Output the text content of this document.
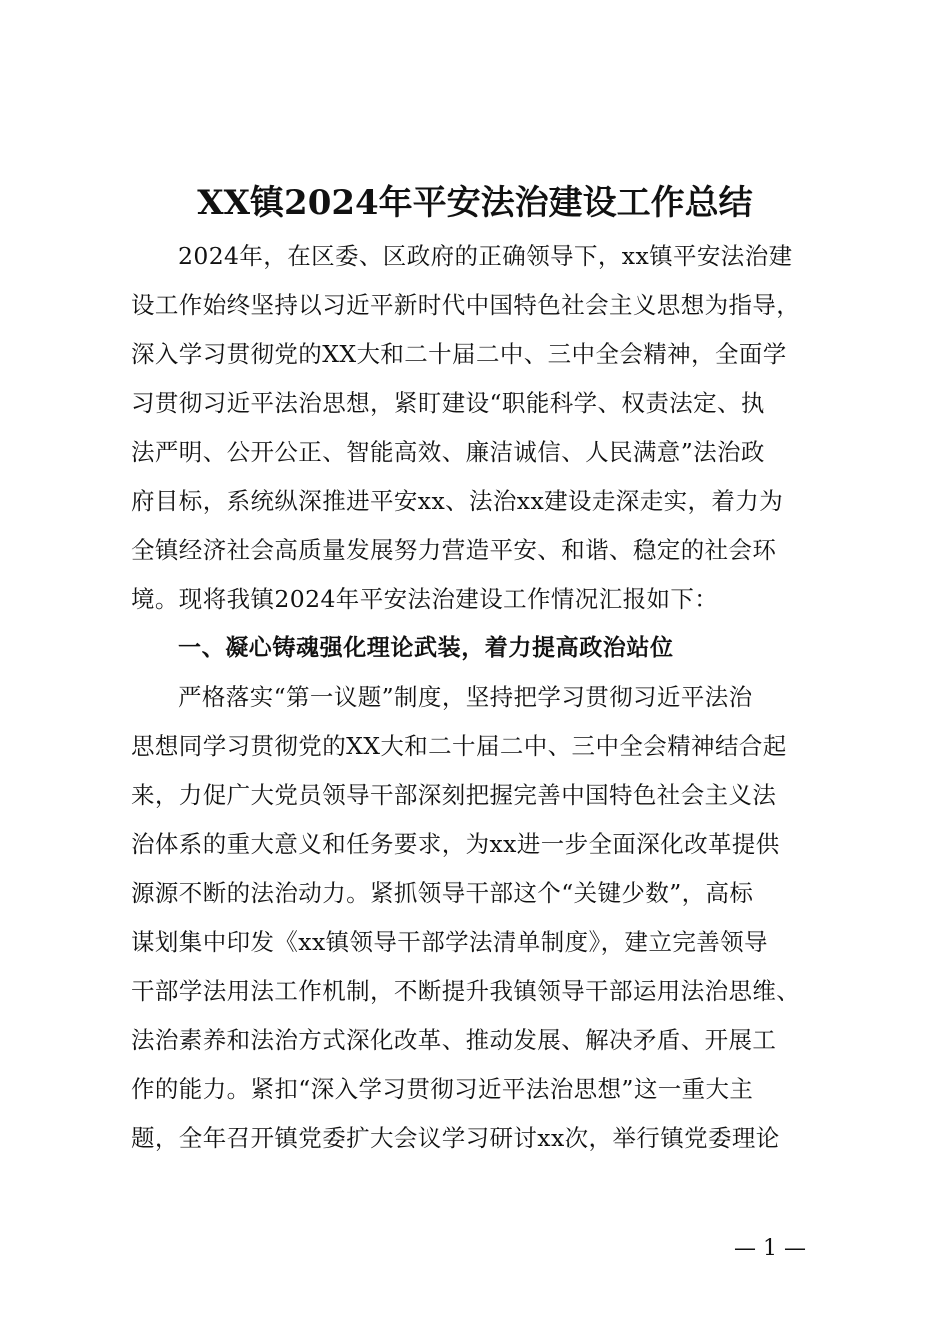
XX镇2024年平安法治建设工作总结
2024年，在区委、区政府的正确领导下，xx镇平安法治建
设工作始终坚持以习近平新时代中国特色社会主义思想为指导，
深入学习贯彻党的XX大和二十届二中、三中全会精神，全面学
习贯彻习近平法治思想，紧盯建设“职能科学、权责法定、执
法严明、公开公正、智能高效、廉洁诚信、人民满意”法治政
府目标，系统纵深推进平安xx、法治xx建设走深走实，着力为
全镇经济社会高质量发展努力营造平安、和谐、稳定的社会环
境。现将我镇2024年平安法治建设工作情况汇报如下：
一、凝心铸魂强化理论武装，着力提高政治站位
严格落实“第一议题”制度，坚持把学习贯彻习近平法治
思想同学习贯彻党的XX大和二十届二中、三中全会精神结合起
来，力促广大党员领导干部深刻把握完善中国特色社会主义法
治体系的重大意义和任务要求，为xx进一步全面深化改革提供
源源不断的法治动力。紧抓领导干部这个“关键少数”，高标
谋划集中印发《xx镇领导干部学法清单制度》，建立完善领导
干部学法用法工作机制，不断提升我镇领导干部运用法治思维、
法治素养和法治方式深化改革、推动发展、解决矛盾、开展工
作的能力。紧扣“深入学习贯彻习近平法治思想”这一重大主
题，全年召开镇党委扩大会议学习研讨xx次，举行镇党委理论
— 1 —
